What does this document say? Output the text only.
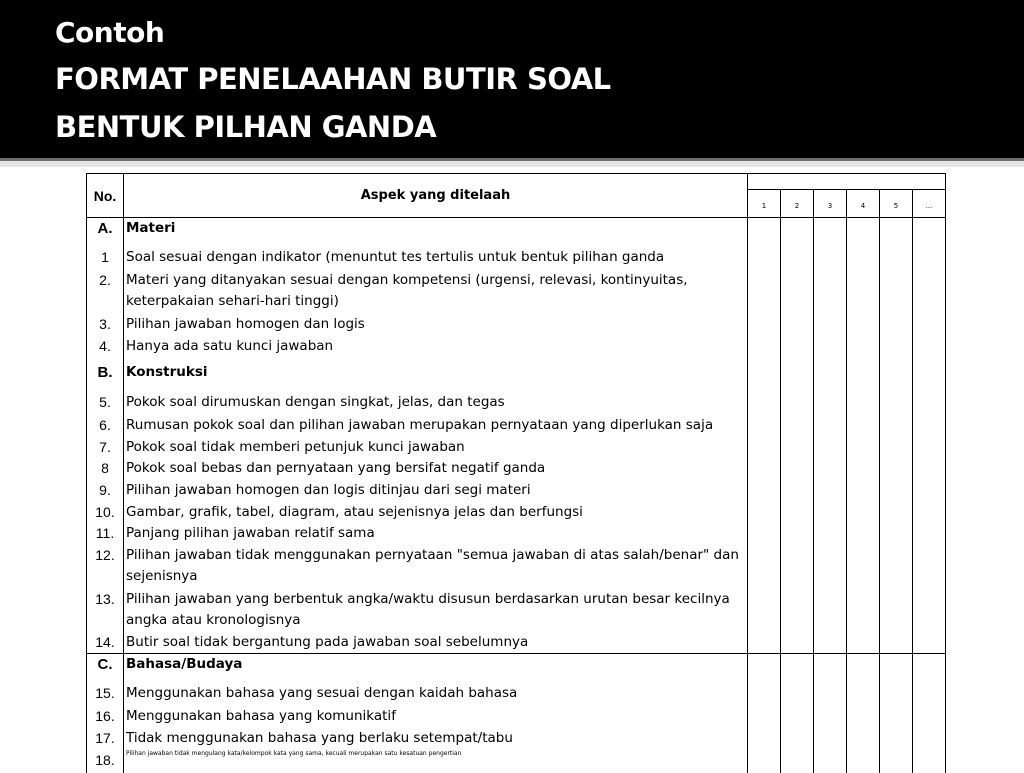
Contoh
FORMAT PENELAAHAN BUTIR SOAL
BENTUK PILHAN GANDA
No.	Aspek yang ditelaah
1	2	3	4	5	...
A.	Materi
1	Soal sesuai dengan indikator (menuntut tes tertulis untuk bentuk pilihan ganda
2.	Materi yang ditanyakan sesuai dengan kompetensi (urgensi, relevasi, kontinyuitas, keterpakaian sehari-hari tinggi)
3.	Pilihan jawaban homogen dan logis
4.	Hanya ada satu kunci jawaban
B.	Konstruksi
5.	Pokok soal dirumuskan dengan singkat, jelas, dan tegas
6.	Rumusan pokok soal dan pilihan jawaban merupakan pernyataan yang diperlukan saja
7.	Pokok soal tidak memberi petunjuk kunci jawaban
8	Pokok soal bebas dan pernyataan yang bersifat negatif ganda
9.	Pilihan jawaban homogen dan logis ditinjau dari segi materi
10. Gambar, grafik, tabel, diagram, atau sejenisnya jelas dan berfungsi
11. Panjang pilihan jawaban relatif sama
12. Pilihan jawaban tidak menggunakan pernyataan "semua jawaban di atas salah/benar" dan sejenisnya
13. Pilihan jawaban yang berbentuk angka/waktu disusun berdasarkan urutan besar kecilnya angka atau kronologisnya
14. Butir soal tidak bergantung pada jawaban soal sebelumnya
C.	Bahasa/Budaya
15. Menggunakan bahasa yang sesuai dengan kaidah bahasa
16. Menggunakan bahasa yang komunikatif
17. Tidak menggunakan bahasa yang berlaku setempat/tabu
18.	Pilihan jawaban tidak mengulang kata/kelompok kata yang sama, kecuali merupakan satu kesatuan pengertian
